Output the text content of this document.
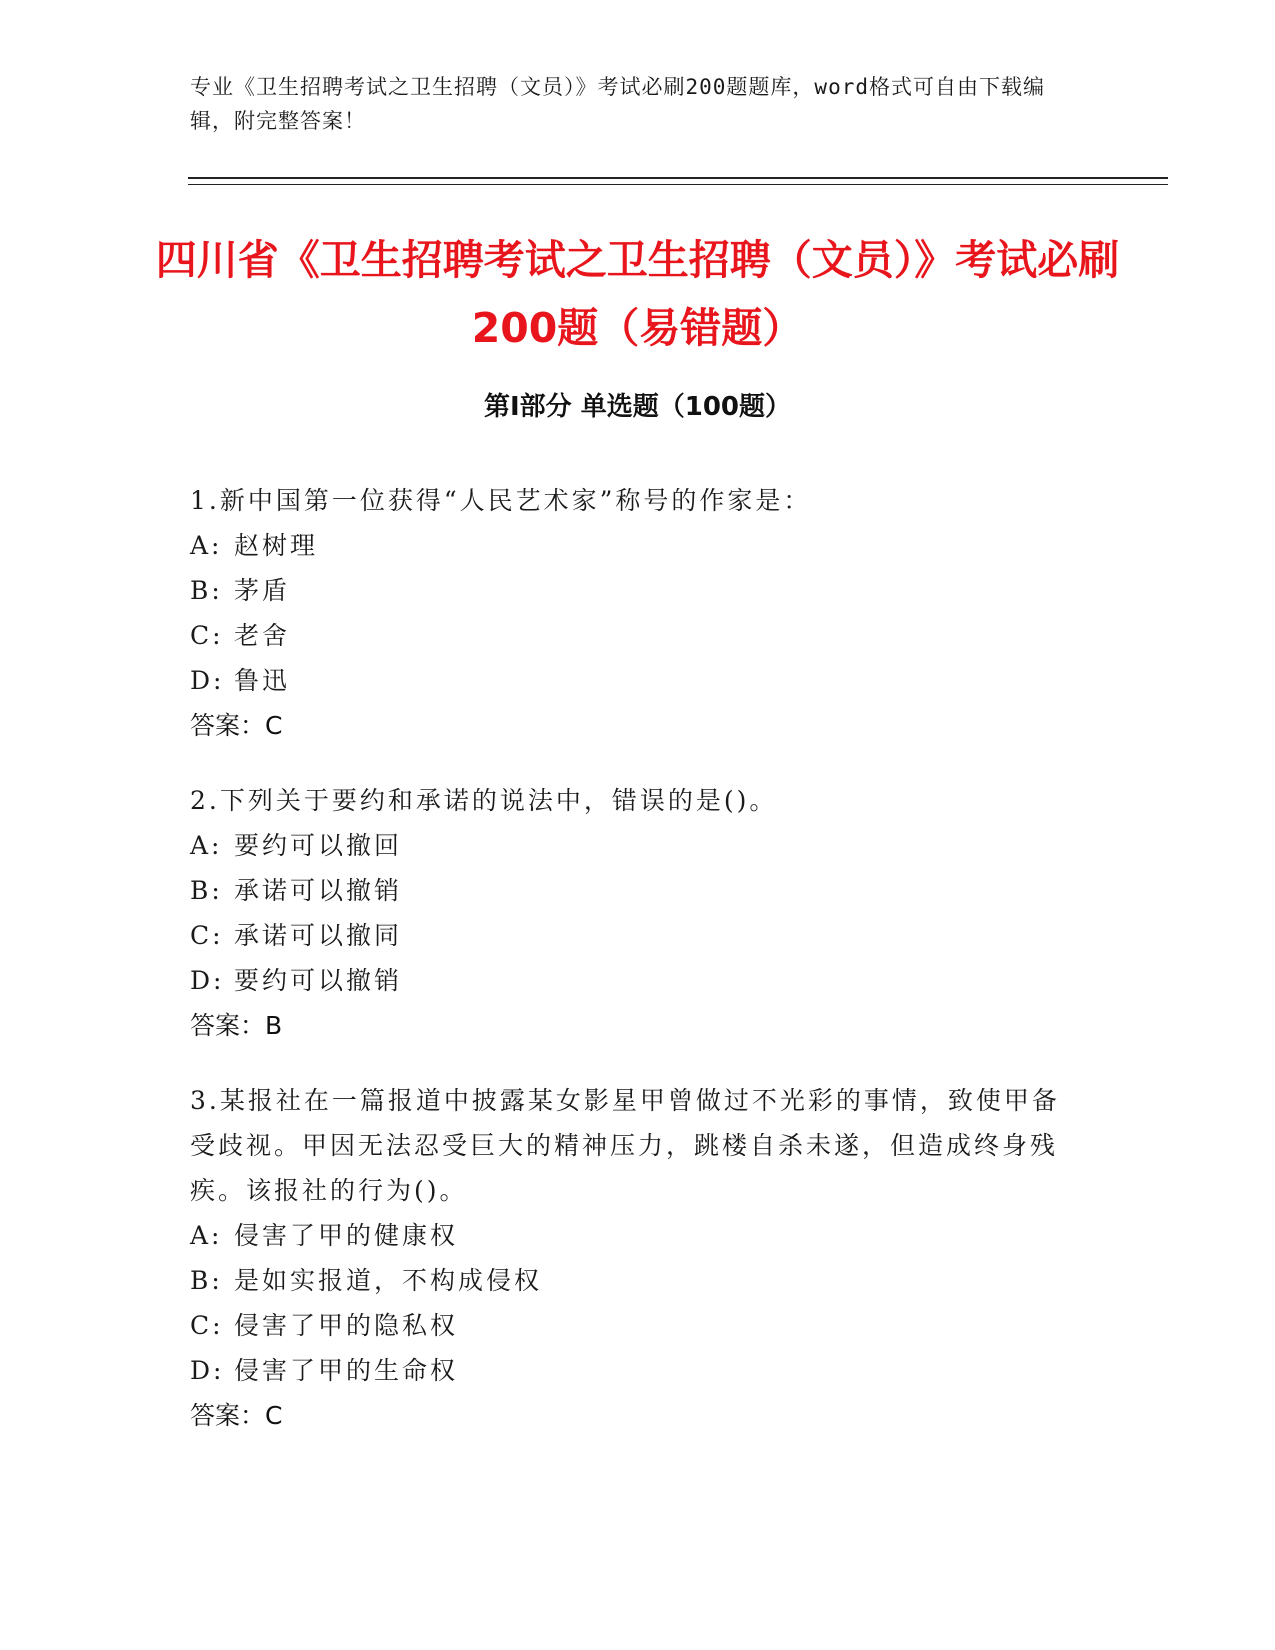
专业《卫生招聘考试之卫生招聘（文员）》考试必刷200题题库，word格式可自由下载编辑，附完整答案！
四川省《卫生招聘考试之卫生招聘（文员）》考试必刷200题（易错题）
第Ⅰ部分 单选题（100题）
1.新中国第一位获得“人民艺术家”称号的作家是：
A: 赵树理
B: 茅盾
C: 老舍
D: 鲁迅
答案：C
2.下列关于要约和承诺的说法中，错误的是()。
A: 要约可以撤回
B: 承诺可以撤销
C: 承诺可以撤同
D: 要约可以撤销
答案：B
3.某报社在一篇报道中披露某女影星甲曾做过不光彩的事情，致使甲备受歧视。甲因无法忍受巨大的精神压力，跳楼自杀未遂，但造成终身残疾。该报社的行为()。
A: 侵害了甲的健康权
B: 是如实报道，不构成侵权
C: 侵害了甲的隐私权
D: 侵害了甲的生命权
答案：C
